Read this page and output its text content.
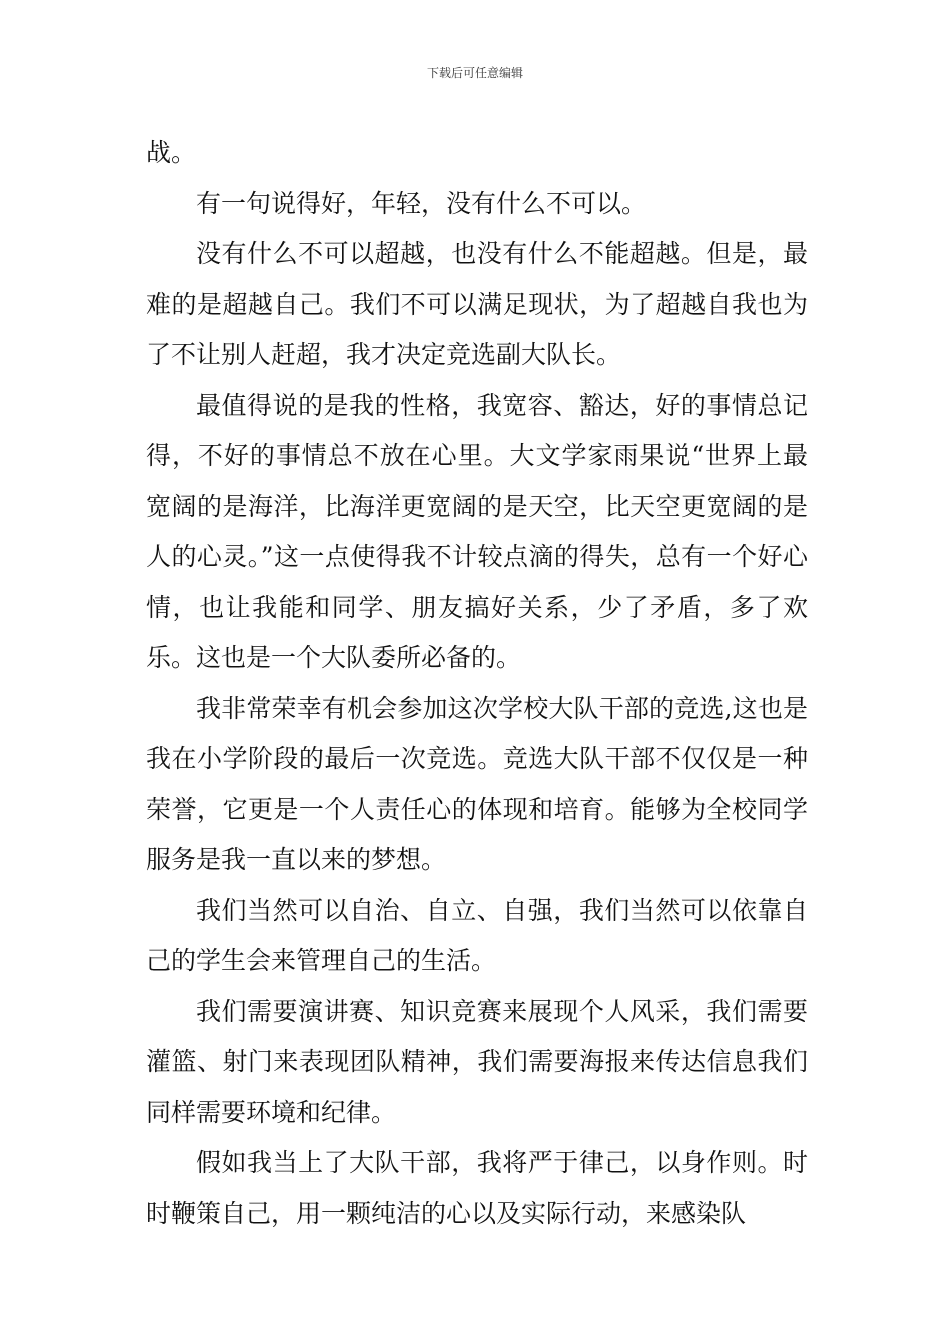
下载后可任意编辑

战。

有一句说得好，年轻，没有什么不可以。

没有什么不可以超越，也没有什么不能超越。但是，最难的是超越自己。我们不可以满足现状，为了超越自我也为了不让别人赶超，我才决定竞选副大队长。

最值得说的是我的性格，我宽容、豁达，好的事情总记得，不好的事情总不放在心里。大文学家雨果说“世界上最宽阔的是海洋，比海洋更宽阔的是天空，比天空更宽阔的是人的心灵。”这一点使得我不计较点滴的得失，总有一个好心情，也让我能和同学、朋友搞好关系，少了矛盾，多了欢乐。这也是一个大队委所必备的。

我非常荣幸有机会参加这次学校大队干部的竞选,这也是我在小学阶段的最后一次竞选。竞选大队干部不仅仅是一种荣誉，它更是一个人责任心的体现和培育。能够为全校同学服务是我一直以来的梦想。

我们当然可以自治、自立、自强，我们当然可以依靠自己的学生会来管理自己的生活。

我们需要演讲赛、知识竞赛来展现个人风采，我们需要灌篮、射门来表现团队精神，我们需要海报来传达信息我们同样需要环境和纪律。

假如我当上了大队干部，我将严于律己，以身作则。时时鞭策自己，用一颗纯洁的心以及实际行动，来感染队
